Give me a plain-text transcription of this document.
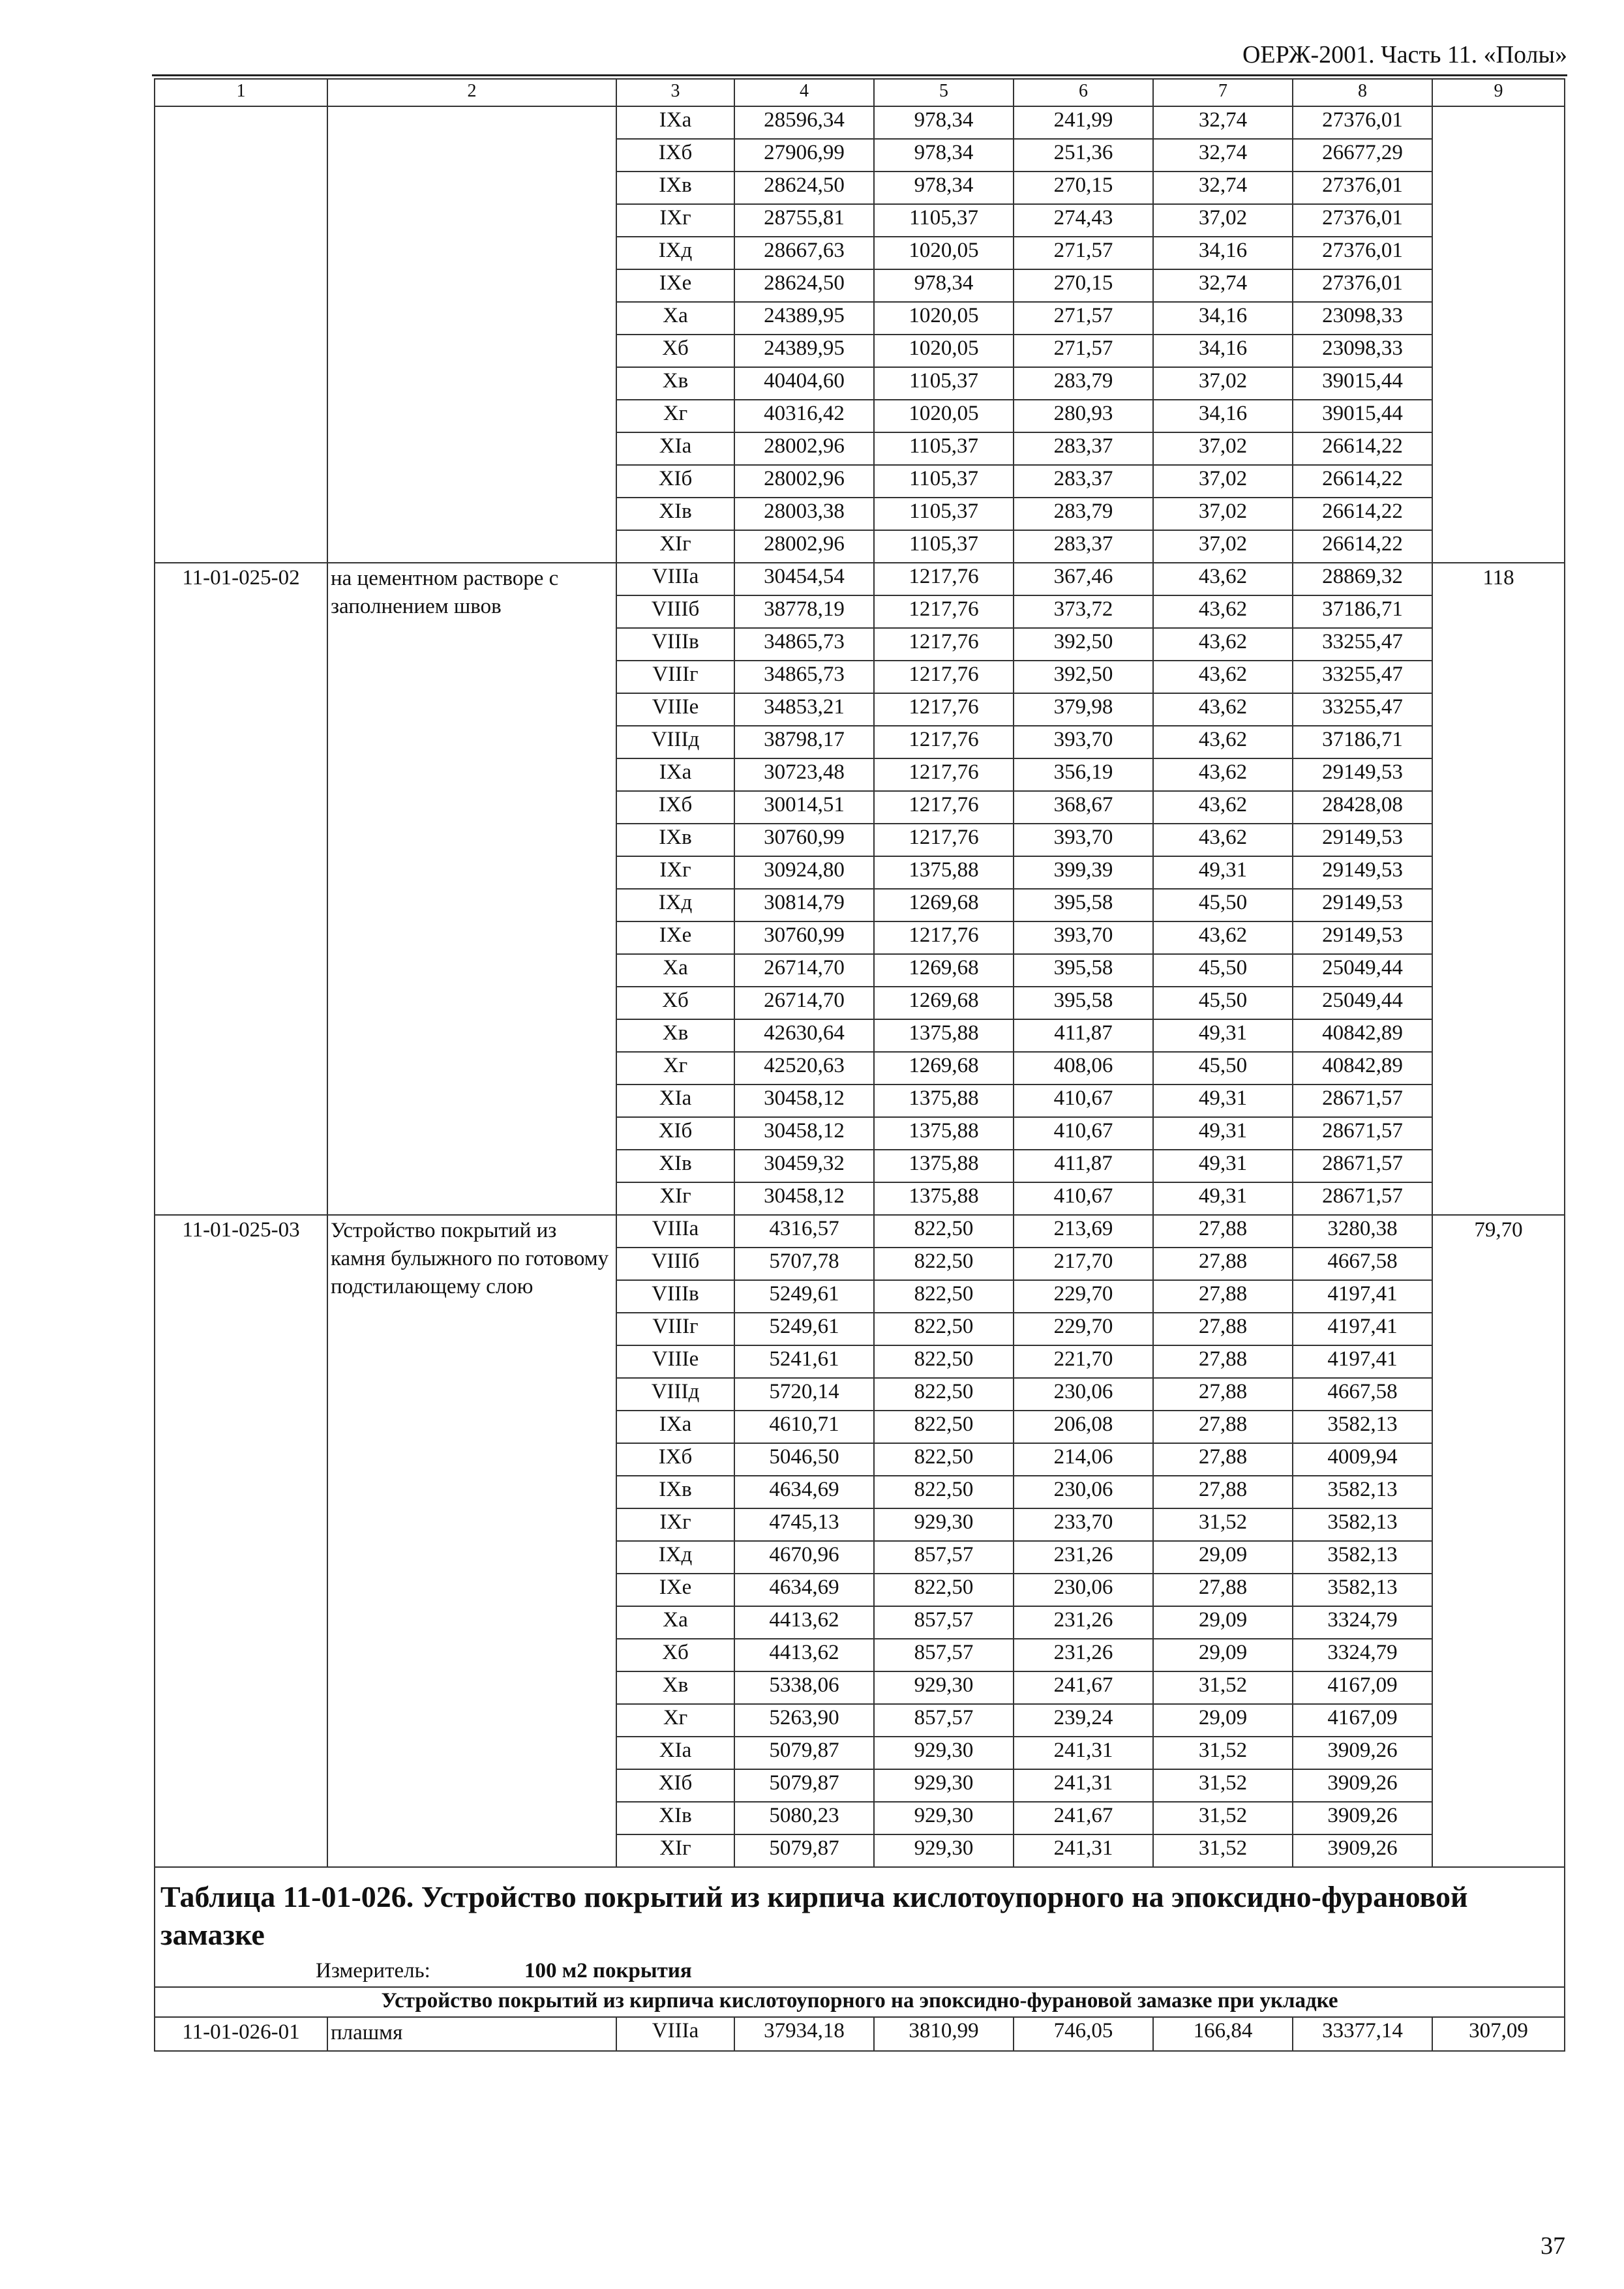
ОЕРЖ-2001. Часть 11. «Полы»
1	2	3	4	5	6	7	8	9
		IXа	28596,34	978,34	241,99	32,74	27376,01	
		IXб	27906,99	978,34	251,36	32,74	26677,29	
		IXв	28624,50	978,34	270,15	32,74	27376,01	
		IXг	28755,81	1105,37	274,43	37,02	27376,01	
		IXд	28667,63	1020,05	271,57	34,16	27376,01	
		IXе	28624,50	978,34	270,15	32,74	27376,01	
		Xа	24389,95	1020,05	271,57	34,16	23098,33	
		Xб	24389,95	1020,05	271,57	34,16	23098,33	
		Xв	40404,60	1105,37	283,79	37,02	39015,44	
		Xг	40316,42	1020,05	280,93	34,16	39015,44	
		XIа	28002,96	1105,37	283,37	37,02	26614,22	
		XIб	28002,96	1105,37	283,37	37,02	26614,22	
		XIв	28003,38	1105,37	283,79	37,02	26614,22	
		XIг	28002,96	1105,37	283,37	37,02	26614,22	
11-01-025-02	на цементном растворе с заполнением швов	VIIIа	30454,54	1217,76	367,46	43,62	28869,32	118
		VIIIб	38778,19	1217,76	373,72	43,62	37186,71	
		VIIIв	34865,73	1217,76	392,50	43,62	33255,47	
		VIIIг	34865,73	1217,76	392,50	43,62	33255,47	
		VIIIе	34853,21	1217,76	379,98	43,62	33255,47	
		VIIIд	38798,17	1217,76	393,70	43,62	37186,71	
		IXа	30723,48	1217,76	356,19	43,62	29149,53	
		IXб	30014,51	1217,76	368,67	43,62	28428,08	
		IXв	30760,99	1217,76	393,70	43,62	29149,53	
		IXг	30924,80	1375,88	399,39	49,31	29149,53	
		IXд	30814,79	1269,68	395,58	45,50	29149,53	
		IXе	30760,99	1217,76	393,70	43,62	29149,53	
		Xа	26714,70	1269,68	395,58	45,50	25049,44	
		Xб	26714,70	1269,68	395,58	45,50	25049,44	
		Xв	42630,64	1375,88	411,87	49,31	40842,89	
		Xг	42520,63	1269,68	408,06	45,50	40842,89	
		XIа	30458,12	1375,88	410,67	49,31	28671,57	
		XIб	30458,12	1375,88	410,67	49,31	28671,57	
		XIв	30459,32	1375,88	411,87	49,31	28671,57	
		XIг	30458,12	1375,88	410,67	49,31	28671,57	
11-01-025-03	Устройство покрытий из камня булыжного по готовому подстилающему слою	VIIIа	4316,57	822,50	213,69	27,88	3280,38	79,70
		VIIIб	5707,78	822,50	217,70	27,88	4667,58	
		VIIIв	5249,61	822,50	229,70	27,88	4197,41	
		VIIIг	5249,61	822,50	229,70	27,88	4197,41	
		VIIIе	5241,61	822,50	221,70	27,88	4197,41	
		VIIIд	5720,14	822,50	230,06	27,88	4667,58	
		IXа	4610,71	822,50	206,08	27,88	3582,13	
		IXб	5046,50	822,50	214,06	27,88	4009,94	
		IXв	4634,69	822,50	230,06	27,88	3582,13	
		IXг	4745,13	929,30	233,70	31,52	3582,13	
		IXд	4670,96	857,57	231,26	29,09	3582,13	
		IXе	4634,69	822,50	230,06	27,88	3582,13	
		Xа	4413,62	857,57	231,26	29,09	3324,79	
		Xб	4413,62	857,57	231,26	29,09	3324,79	
		Xв	5338,06	929,30	241,67	31,52	4167,09	
		Xг	5263,90	857,57	239,24	29,09	4167,09	
		XIа	5079,87	929,30	241,31	31,52	3909,26	
		XIб	5079,87	929,30	241,31	31,52	3909,26	
		XIв	5080,23	929,30	241,67	31,52	3909,26	
		XIг	5079,87	929,30	241,31	31,52	3909,26	
Таблица 11-01-026. Устройство покрытий из кирпича кислотоупорного на эпоксидно-фурановой замазке								
Измеритель: 100 м2 покрытия								
Устройство покрытий из кирпича кислотоупорного на эпоксидно-фурановой замазке при укладке								
11-01-026-01	плашмя	VIIIа	37934,18	3810,99	746,05	166,84	33377,14	307,09
37
